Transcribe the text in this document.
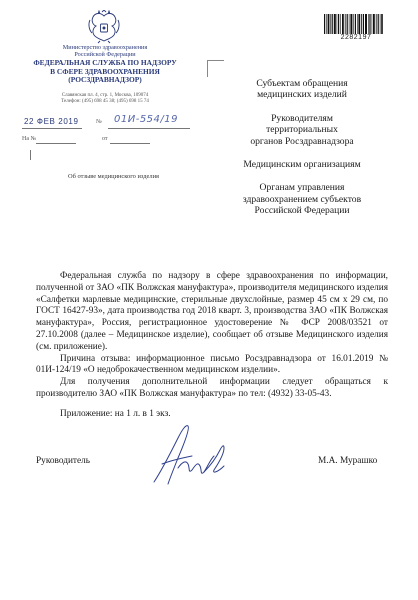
2282197
Министерство здравоохранения
Российской Федерации
ФЕДЕРАЛЬНАЯ СЛУЖБА ПО НАДЗОРУ
В СФЕРЕ ЗДРАВООХРАНЕНИЯ
(РОСЗДРАВНАДЗОР)
Славянская пл. 4, стр. 1, Москва, 109074
Телефон: (495) 698 45 38; (495) 698 15 74
22 ФЕВ 2019	№ 01И-554/19
На №	от
Об отзыве медицинского изделия
Субъектам обращения
медицинских изделий
Руководителям
территориальных
органов Росздравнадзора
Медицинским организациям
Органам управления
здравоохранением субъектов
Российской Федерации

Федеральная служба по надзору в сфере здравоохранения по информации, полученной от ЗАО «ПК Волжская мануфактура», производителя медицинского изделия «Салфетки марлевые медицинские, стерильные двухслойные, размер 45 см х 29 см, по ГОСТ 16427-93», дата производства год 2018 кварт. 3, производства ЗАО «ПК Волжская мануфактура», Россия, регистрационное удостоверение № ФСР 2008/03521 от 27.10.2008 (далее – Медицинское изделие), сообщает об отзыве Медицинского изделия (см. приложение).

Причина отзыва: информационное письмо Росздравнадзора от 16.01.2019 № 01И-124/19 «О недоброкачественном медицинском изделии».

Для получения дополнительной информации следует обращаться к производителю ЗАО «ПК Волжская мануфактура» по тел: (4932) 33-05-43.

Приложение: на 1 л. в 1 экз.
Руководитель	М.А. Мурашко
